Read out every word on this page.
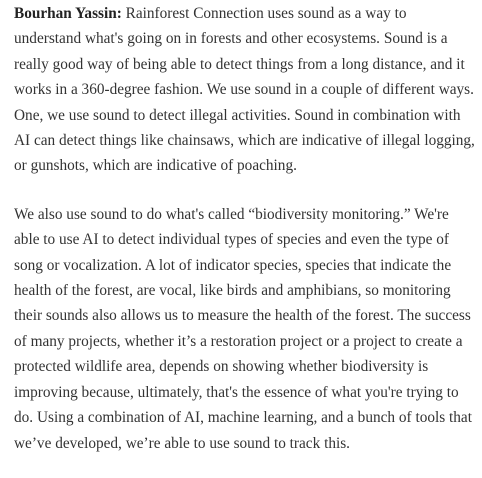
Bourhan Yassin: Rainforest Connection uses sound as a way to understand what's going on in forests and other ecosystems. Sound is a really good way of being able to detect things from a long distance, and it works in a 360-degree fashion. We use sound in a couple of different ways. One, we use sound to detect illegal activities. Sound in combination with AI can detect things like chainsaws, which are indicative of illegal logging, or gunshots, which are indicative of poaching.

We also use sound to do what's called “biodiversity monitoring.” We're able to use AI to detect individual types of species and even the type of song or vocalization. A lot of indicator species, species that indicate the health of the forest, are vocal, like birds and amphibians, so monitoring their sounds also allows us to measure the health of the forest. The success of many projects, whether it’s a restoration project or a project to create a protected wildlife area, depends on showing whether biodiversity is improving because, ultimately, that's the essence of what you're trying to do. Using a combination of AI, machine learning, and a bunch of tools that we’ve developed, we’re able to use sound to track this.
